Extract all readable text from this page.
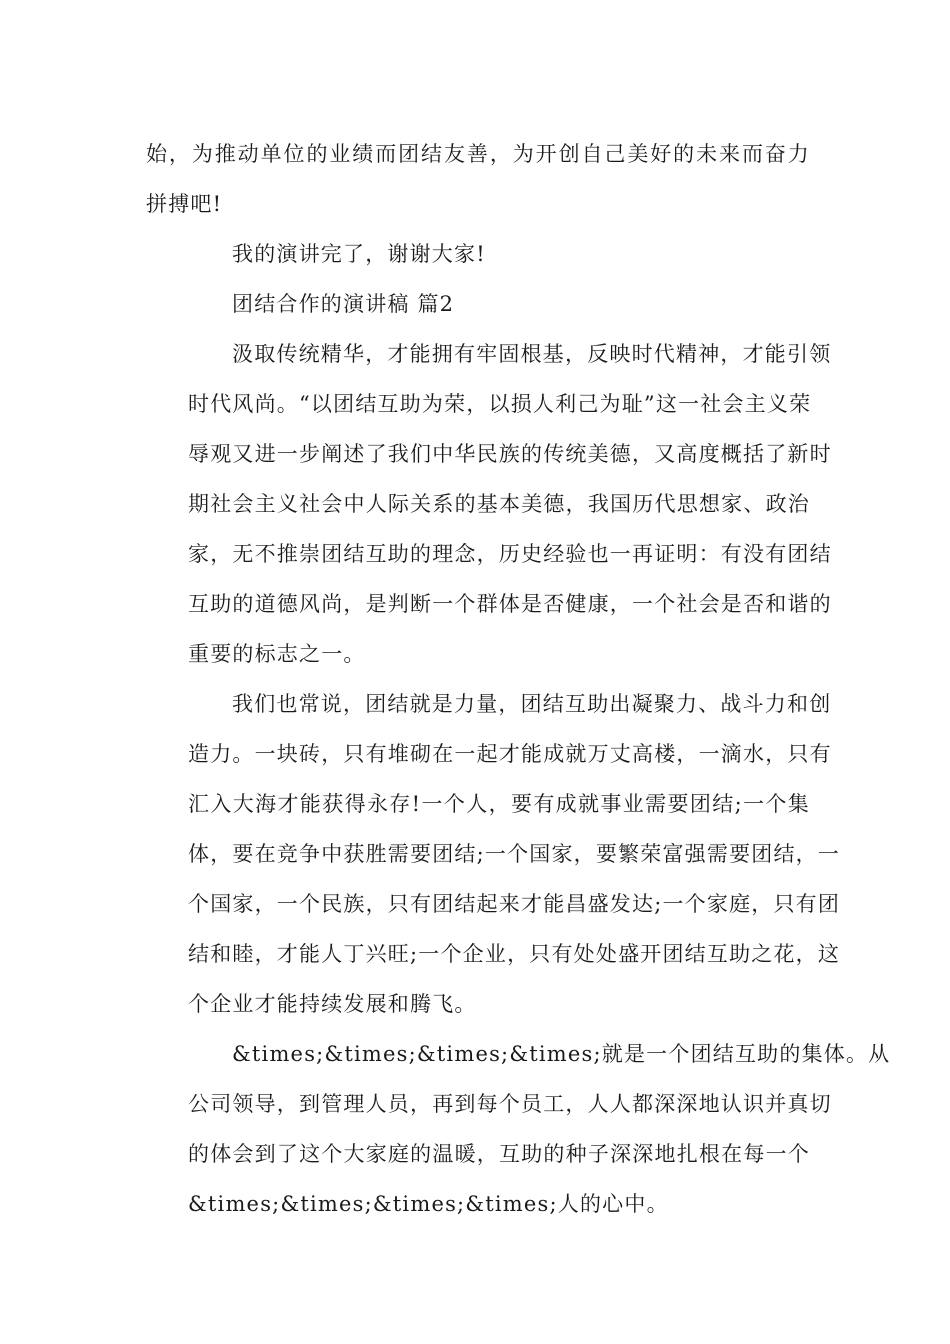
始，为推动单位的业绩而团结友善，为开创自己美好的未来而奋力
拼搏吧!
我的演讲完了，谢谢大家!
团结合作的演讲稿 篇2
汲取传统精华，才能拥有牢固根基，反映时代精神，才能引领
时代风尚。“以团结互助为荣，以损人利己为耻”这一社会主义荣
辱观又进一步阐述了我们中华民族的传统美德，又高度概括了新时
期社会主义社会中人际关系的基本美德，我国历代思想家、政治
家，无不推崇团结互助的理念，历史经验也一再证明：有没有团结
互助的道德风尚，是判断一个群体是否健康，一个社会是否和谐的
重要的标志之一。
我们也常说，团结就是力量，团结互助出凝聚力、战斗力和创
造力。一块砖，只有堆砌在一起才能成就万丈高楼，一滴水，只有
汇入大海才能获得永存!一个人，要有成就事业需要团结;一个集
体，要在竞争中获胜需要团结;一个国家，要繁荣富强需要团结，一
个国家，一个民族，只有团结起来才能昌盛发达;一个家庭，只有团
结和睦，才能人丁兴旺;一个企业，只有处处盛开团结互助之花，这
个企业才能持续发展和腾飞。
&times;&times;&times;&times;就是一个团结互助的集体。从
公司领导，到管理人员，再到每个员工，人人都深深地认识并真切
的体会到了这个大家庭的温暖，互助的种子深深地扎根在每一个
&times;&times;&times;&times;人的心中。
